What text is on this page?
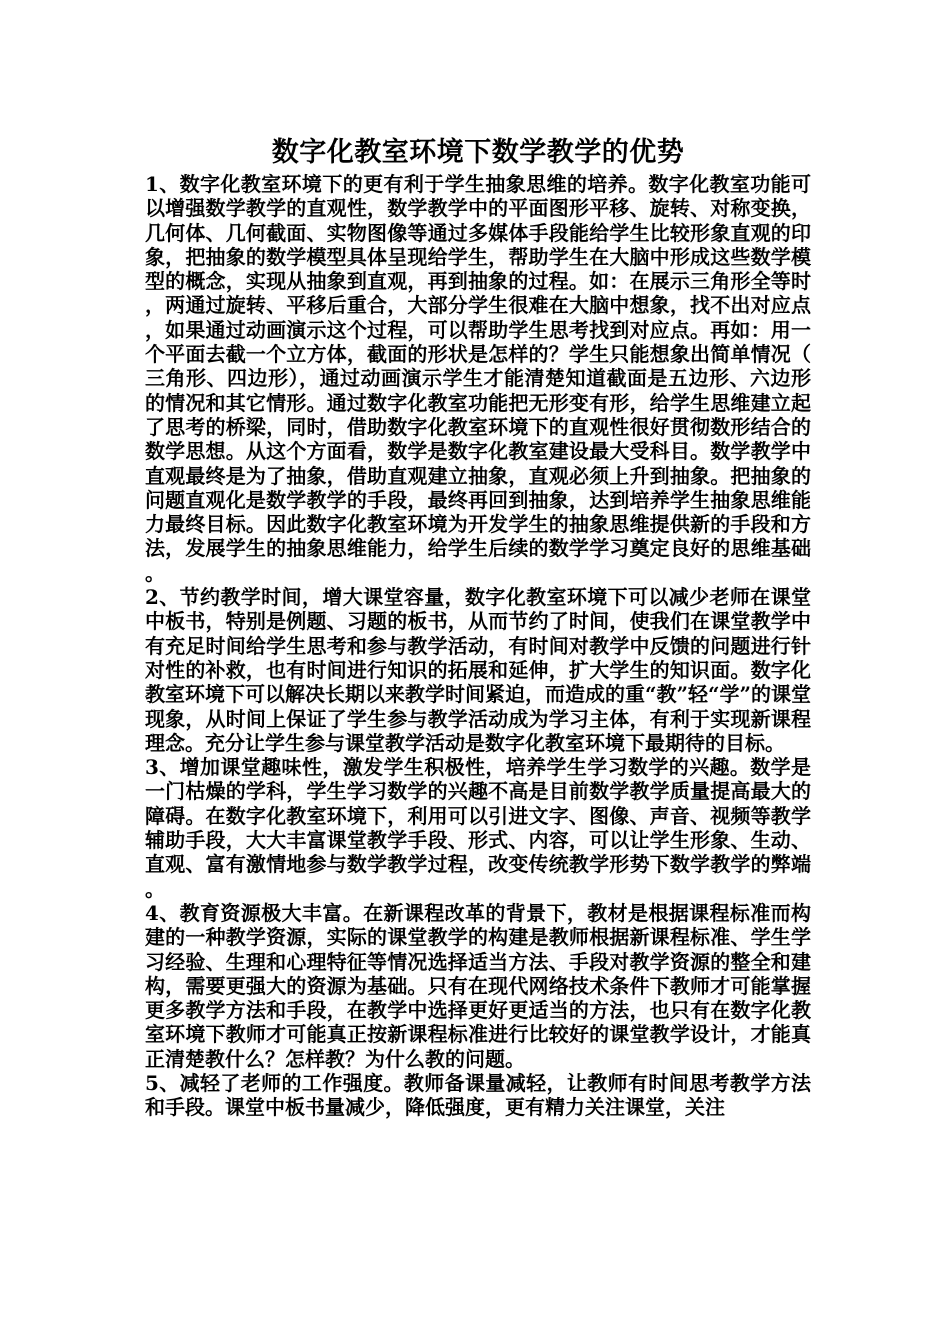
数字化教室环境下数学教学的优势

1、数字化教室环境下的更有利于学生抽象思维的培养。数字化教室功能可以增强数学教学的直观性，数学教学中的平面图形平移、旋转、对称变换，几何体、几何截面、实物图像等通过多媒体手段能给学生比较形象直观的印象，把抽象的数学模型具体呈现给学生，帮助学生在大脑中形成这些数学模型的概念，实现从抽象到直观，再到抽象的过程。如：在展示三角形全等时，两通过旋转、平移后重合，大部分学生很难在大脑中想象，找不出对应点，如果通过动画演示这个过程，可以帮助学生思考找到对应点。再如：用一个平面去截一个立方体，截面的形状是怎样的？学生只能想象出简单情况（三角形、四边形），通过动画演示学生才能清楚知道截面是五边形、六边形的情况和其它情形。通过数字化教室功能把无形变有形，给学生思维建立起了思考的桥梁，同时，借助数字化教室环境下的直观性很好贯彻数形结合的数学思想。从这个方面看，数学是数字化教室建设最大受科目。数学教学中直观最终是为了抽象，借助直观建立抽象，直观必须上升到抽象。把抽象的问题直观化是数学教学的手段，最终再回到抽象，达到培养学生抽象思维能力最终目标。因此数字化教室环境为开发学生的抽象思维提供新的手段和方法，发展学生的抽象思维能力，给学生后续的数学学习奠定良好的思维基础。

2、节约教学时间，增大课堂容量，数字化教室环境下可以减少老师在课堂中板书，特别是例题、习题的板书，从而节约了时间，使我们在课堂教学中有充足时间给学生思考和参与教学活动，有时间对教学中反馈的问题进行针对性的补救，也有时间进行知识的拓展和延伸，扩大学生的知识面。数字化教室环境下可以解决长期以来教学时间紧迫，而造成的重“教”轻“学”的课堂现象，从时间上保证了学生参与教学活动成为学习主体，有利于实现新课程理念。充分让学生参与课堂教学活动是数字化教室环境下最期待的目标。

3、增加课堂趣味性，激发学生积极性，培养学生学习数学的兴趣。数学是一门枯燥的学科，学生学习数学的兴趣不高是目前数学教学质量提高最大的障碍。在数字化教室环境下，利用可以引进文字、图像、声音、视频等教学辅助手段，大大丰富课堂教学手段、形式、内容，可以让学生形象、生动、直观、富有激情地参与数学教学过程，改变传统教学形势下数学教学的弊端。

4、教育资源极大丰富。在新课程改革的背景下，教材是根据课程标准而构建的一种教学资源，实际的课堂教学的构建是教师根据新课程标准、学生学习经验、生理和心理特征等情况选择适当方法、手段对教学资源的整全和建构，需要更强大的资源为基础。只有在现代网络技术条件下教师才可能掌握更多教学方法和手段，在教学中选择更好更适当的方法，也只有在数字化教室环境下教师才可能真正按新课程标准进行比较好的课堂教学设计，才能真正清楚教什么？怎样教？为什么教的问题。

5、减轻了老师的工作强度。教师备课量减轻，让教师有时间思考教学方法和手段。课堂中板书量减少，降低强度，更有精力关注课堂，关注
